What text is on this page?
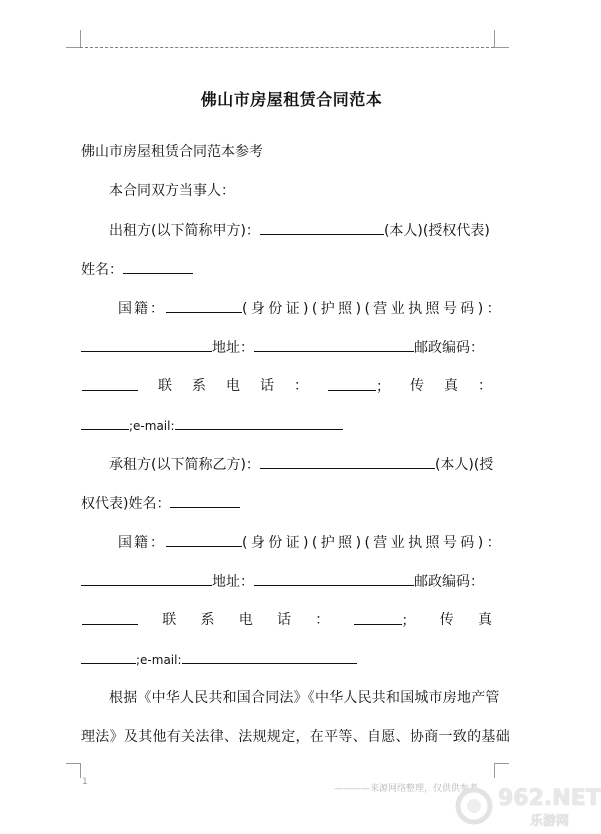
佛山市房屋租赁合同范本
佛山市房屋租赁合同范本参考
本合同双方当事人：
出租方(以下简称甲方)：	(本人)(授权代表)
姓名：
国籍：	(身份证)(护照)(营业执照号码)：
地址：	邮政编码：
联 系 电 话 ：	； 传 真 ：
;e-mail:
承租方(以下简称乙方)：	(本人)(授
权代表)姓名：
国籍：	(身份证)(护照)(营业执照号码)：
地址：	邮政编码：
联 系 电 话 ：	； 传 真
;e-mail:
根据《中华人民共和国合同法》《中华人民共和国城市房地产管
理法》及其他有关法律、法规规定，在平等、自愿、协商一致的基础
1
————来源网络整理，仅供供参考 962.NET
乐游网
